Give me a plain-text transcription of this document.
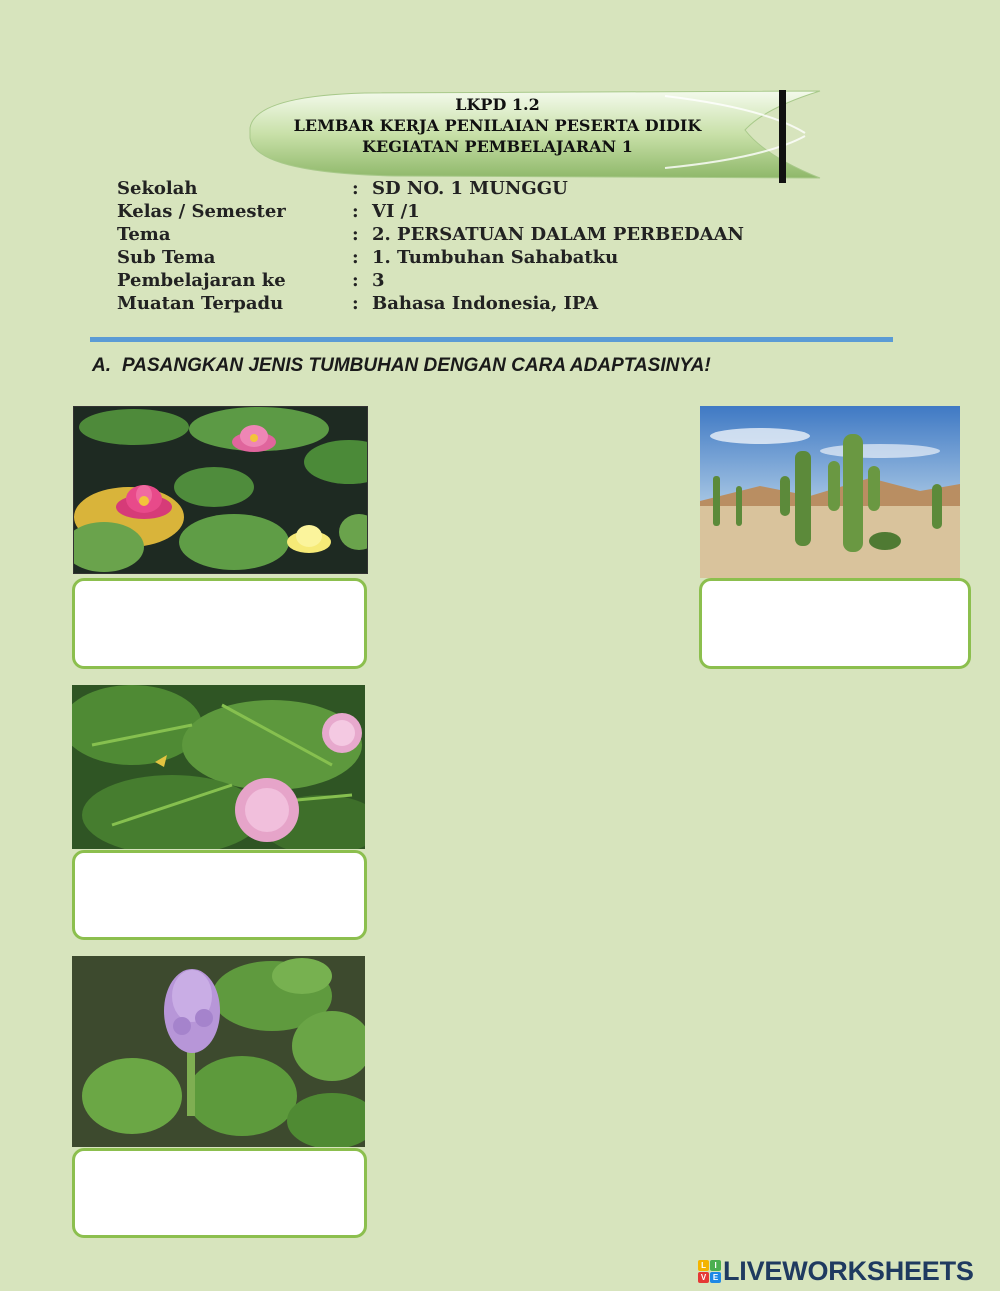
LKPD 1.2
LEMBAR KERJA PENILAIAN PESERTA DIDIK
KEGIATAN PEMBELAJARAN 1
Sekolah	: SD NO. 1 MUNGGU
Kelas / Semester	: VI /1
Tema	: 2. PERSATUAN DALAM PERBEDAAN
Sub Tema	: 1. Tumbuhan Sahabatku
Pembelajaran ke	: 3
Muatan Terpadu	: Bahasa Indonesia, IPA
A. PASANGKAN JENIS TUMBUHAN DENGAN CARA ADAPTASINYA!
L	I
V E LIVEWORKSHEETS
